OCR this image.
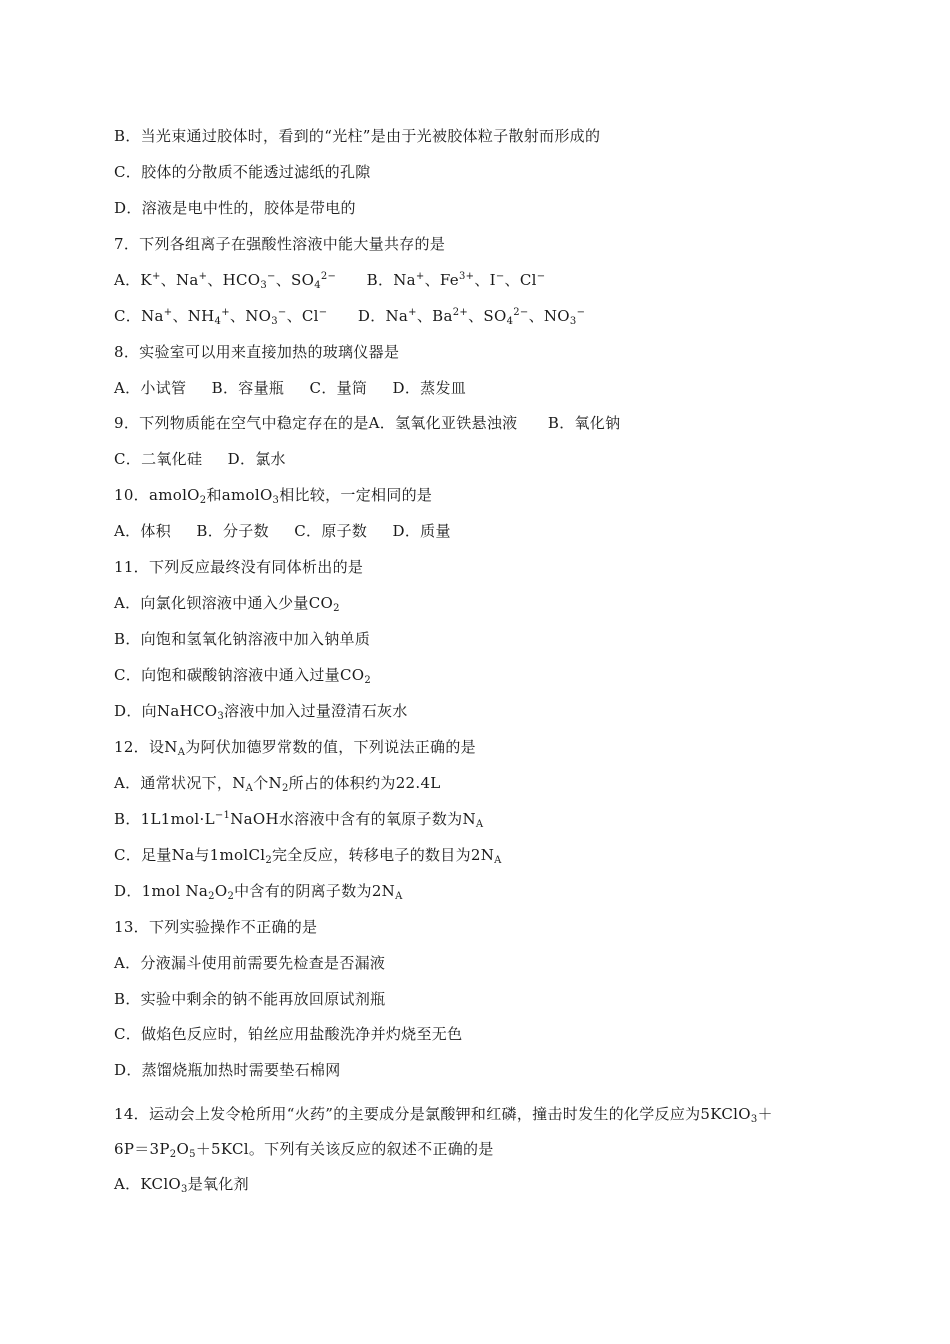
B．当光束通过胶体时，看到的“光柱”是由于光被胶体粒子散射而形成的
C．胶体的分散质不能透过滤纸的孔隙
D．溶液是电中性的，胶体是带电的
7．下列各组离子在强酸性溶液中能大量共存的是
A．K+、Na+、$HCO_3^-$、$SO_4^{2-}$      B．Na+、$Fe^{3+}$、I−、Cl−
C．Na+、$NH_4^+$、$NO_3^-$、Cl−      D．Na+、$Ba^{2+}$、$SO_4^{2-}$、$NO_3^-$
8．实验室可以用来直接加热的玻璃仪器是
A．小试管     B．容量瓶     C．量筒     D．蒸发皿
9．下列物质能在空气中稳定存在的是A．氢氧化亚铁悬浊液      B．氧化钠
C．二氧化硅     D．氯水
10．amolO$_2$和amolO$_3$相比较，一定相同的是
A．体积     B．分子数     C．原子数     D．质量
11．下列反应最终没有同体析出的是
A．向氯化钡溶液中通入少量$CO_2$
B．向饱和氢氧化钠溶液中加入钠单质
C．向饱和碳酸钠溶液中通入过量$CO_2$
D．向NaHCO$_3$溶液中加入过量澄清石灰水
12．设$N_A$为阿伏加德罗常数的值，下列说法正确的是
A．通常状况下，$N_A$个$N_2$所占的体积约为22.4L
B．$1L1mol\cdot L^{-1}NaOH$水溶液中含有的氧原子数为$N_A$
C．足量Na与1molCl$_2$完全反应，转移电子的数目为$2N_A$
D．1mol $Na_2O_2$中含有的阴离子数为$2N_A$
13．下列实验操作不正确的是
A．分液漏斗使用前需要先检查是否漏液
B．实验中剩余的钠不能再放回原试剂瓶
C．做焰色反应时，铂丝应用盐酸洗净并灼烧至无色
D．蒸馏烧瓶加热时需要垫石棉网
14．运动会上发令枪所用“火药”的主要成分是氯酸钾和红磷，撞击时发生的化学反应为5KClO$_3$＋
$6P=3P_2O_5+5KCl$。下列有关该反应的叙述不正确的是
A．KClO$_3$是氧化剂
